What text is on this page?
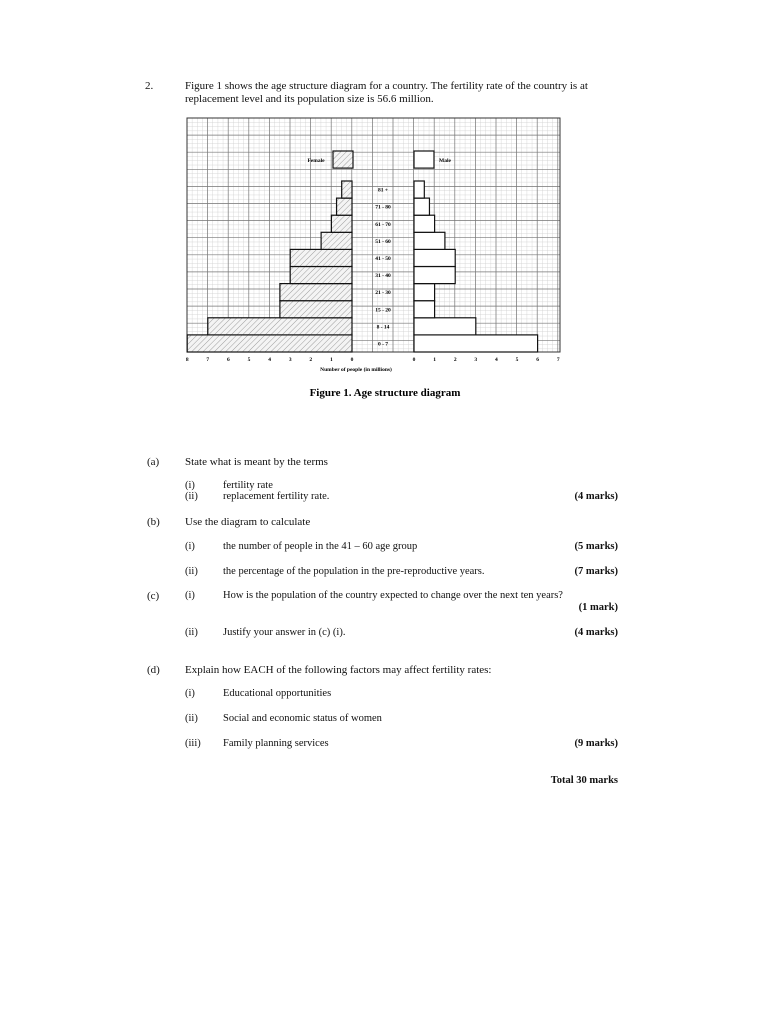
2.	Figure 1 shows the age structure diagram for a country. The fertility rate of the country is at
replacement level and its population size is 56.6 million.
0 - 7
8 - 14
15 - 20
21 - 30
31 - 40
41 - 50
51 - 60
61 - 70
71 - 80
81 +
Female	Male
8	7	6	5	4	3	2	1	0	0	1	2	3	4	5	6	7
Number of people (in millions)
Figure 1. Age structure diagram
(a) State what is meant by the terms
(i)	fertility rate
(ii) replacement fertility rate.	(4 marks)
(b) Use the diagram to calculate
(i)	the number of people in the 41 – 60 age group	(5 marks)
(ii) the percentage of the population in the pre-reproductive years.	(7 marks)
(c) (i)	How is the population of the country expected to change over the next ten years?
(1 mark)
(ii) Justify your answer in (c) (i).	(4 marks)
(d) Explain how EACH of the following factors may affect fertility rates:
(i)	Educational opportunities
(ii) Social and economic status of women
(iii) Family planning services	(9 marks)
Total 30 marks
